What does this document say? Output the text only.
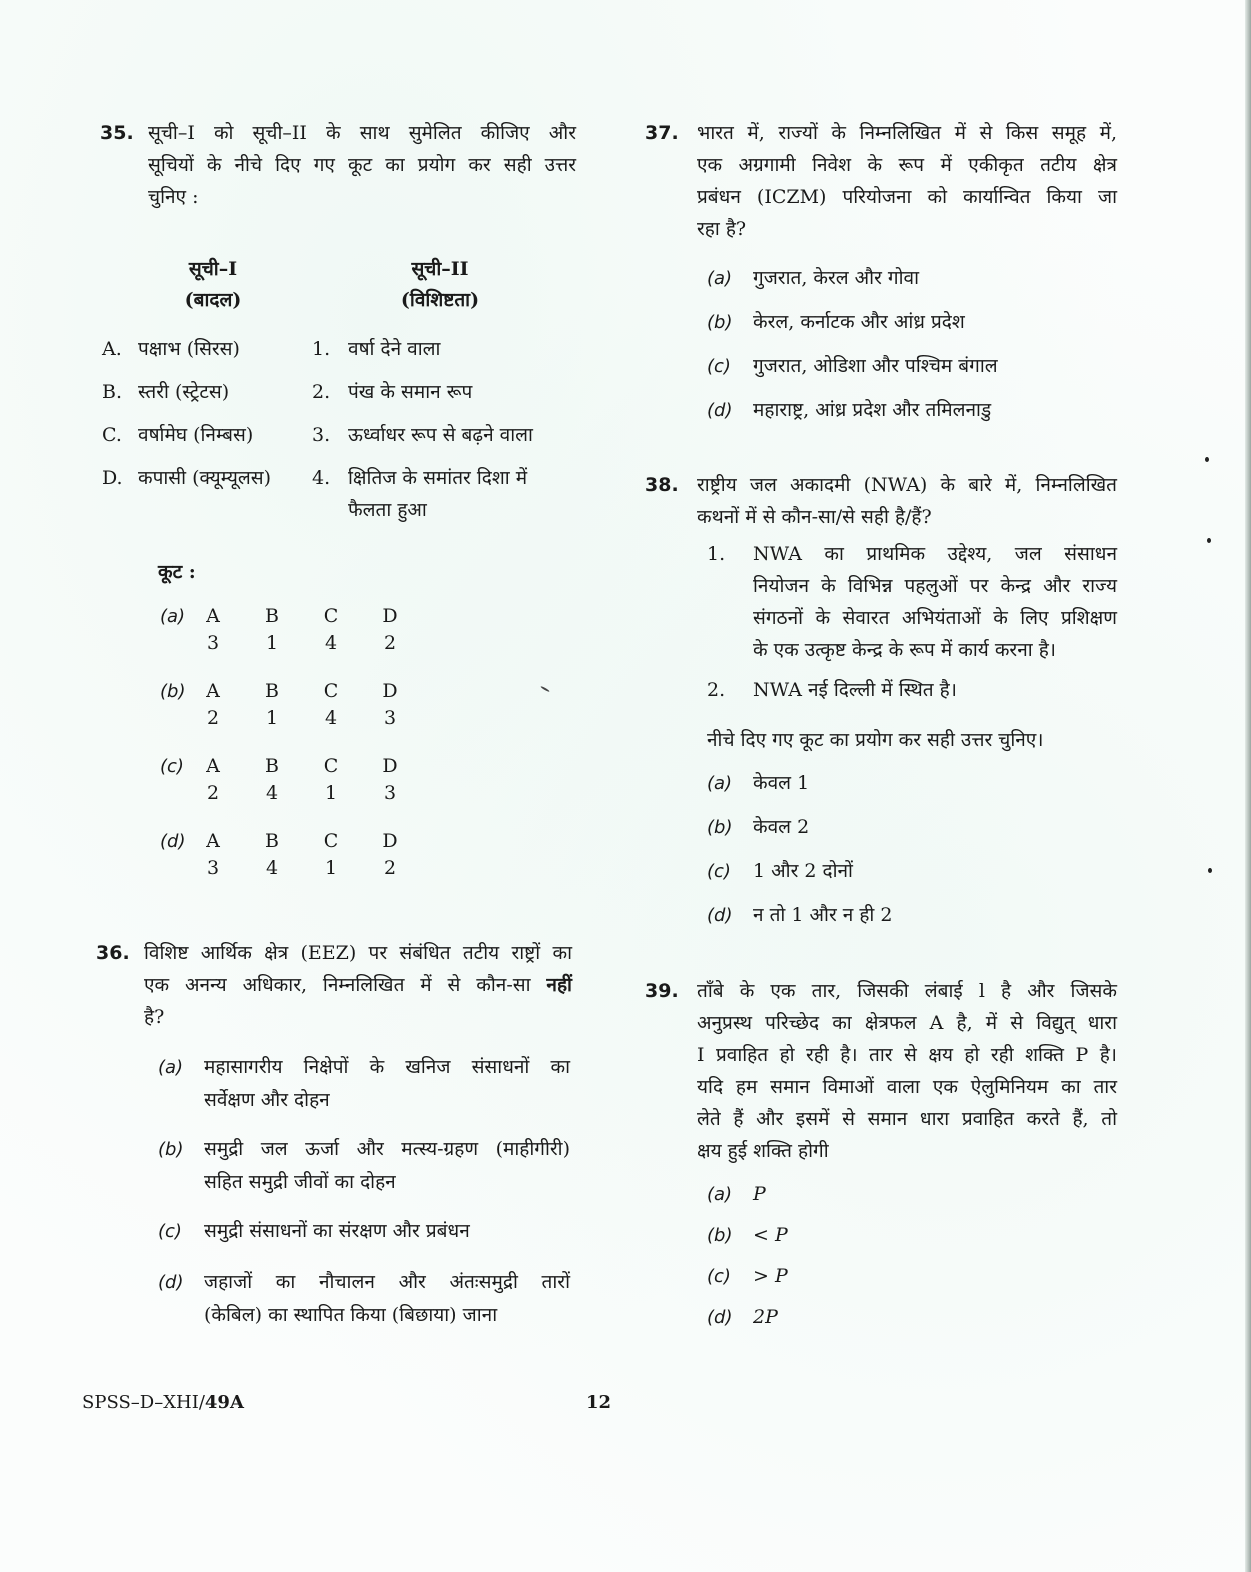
35. सूची–I को सूची–II के साथ सुमेलित कीजिए और
सूचियों के नीचे दिए गए कूट का प्रयोग कर सही उत्तर
चुनिए :
सूची–I
(बादल)
सूची–II
(विशिष्टता)
A. पक्षाभ (सिरस)
B. स्तरी (स्ट्रेटस)
C. वर्षामेघ (निम्बस)
D. कपासी (क्यूम्यूलस)
1. वर्षा देने वाला
2. पंख के समान रूप
3. ऊर्ध्वाधर रूप से बढ़ने वाला
4. क्षितिज के समांतर दिशा में
फैलता हुआ
कूट :
(a) A B C D
3 1 4 2
(b) A B C D
2 1 4 3
(c) A B C D
2 4 1 3
(d) A B C D
3 4 1 2
36. विशिष्ट आर्थिक क्षेत्र (EEZ) पर संबंधित तटीय राष्ट्रों का
एक अनन्य अधिकार, निम्नलिखित में से कौन-सा नहीं
है?
(a) महासागरीय निक्षेपों के खनिज संसाधनों का
सर्वेक्षण और दोहन
(b) समुद्री जल ऊर्जा और मत्स्य-ग्रहण (माहीगीरी)
सहित समुद्री जीवों का दोहन
(c) समुद्री संसाधनों का संरक्षण और प्रबंधन
(d) जहाजों का नौचालन और अंतःसमुद्री तारों
(केबिल) का स्थापित किया (बिछाया) जाना
37. भारत में, राज्यों के निम्नलिखित में से किस समूह में,
एक अग्रगामी निवेश के रूप में एकीकृत तटीय क्षेत्र
प्रबंधन (ICZM) परियोजना को कार्यान्वित किया जा
रहा है?
(a) गुजरात, केरल और गोवा
(b) केरल, कर्नाटक और आंध्र प्रदेश
(c) गुजरात, ओडिशा और पश्चिम बंगाल
(d) महाराष्ट्र, आंध्र प्रदेश और तमिलनाडु
38. राष्ट्रीय जल अकादमी (NWA) के बारे में, निम्नलिखित
कथनों में से कौन-सा/से सही है/हैं?
1. NWA का प्राथमिक उद्देश्य, जल संसाधन
नियोजन के विभिन्न पहलुओं पर केन्द्र और राज्य
संगठनों के सेवारत अभियंताओं के लिए प्रशिक्षण
के एक उत्कृष्ट केन्द्र के रूप में कार्य करना है।
2. NWA नई दिल्ली में स्थित है।
नीचे दिए गए कूट का प्रयोग कर सही उत्तर चुनिए।
(a) केवल 1
(b) केवल 2
(c) 1 और 2 दोनों
(d) न तो 1 और न ही 2
39. ताँबे के एक तार, जिसकी लंबाई l है और जिसके
अनुप्रस्थ परिच्छेद का क्षेत्रफल A है, में से विद्युत् धारा
I प्रवाहित हो रही है। तार से क्षय हो रही शक्ति P है।
यदि हम समान विमाओं वाला एक ऐलुमिनियम का तार
लेते हैं और इसमें से समान धारा प्रवाहित करते हैं, तो
क्षय हुई शक्ति होगी
(a) P
(b) < P
(c) > P
(d) 2P
SPSS–D–XHI/49A	12
